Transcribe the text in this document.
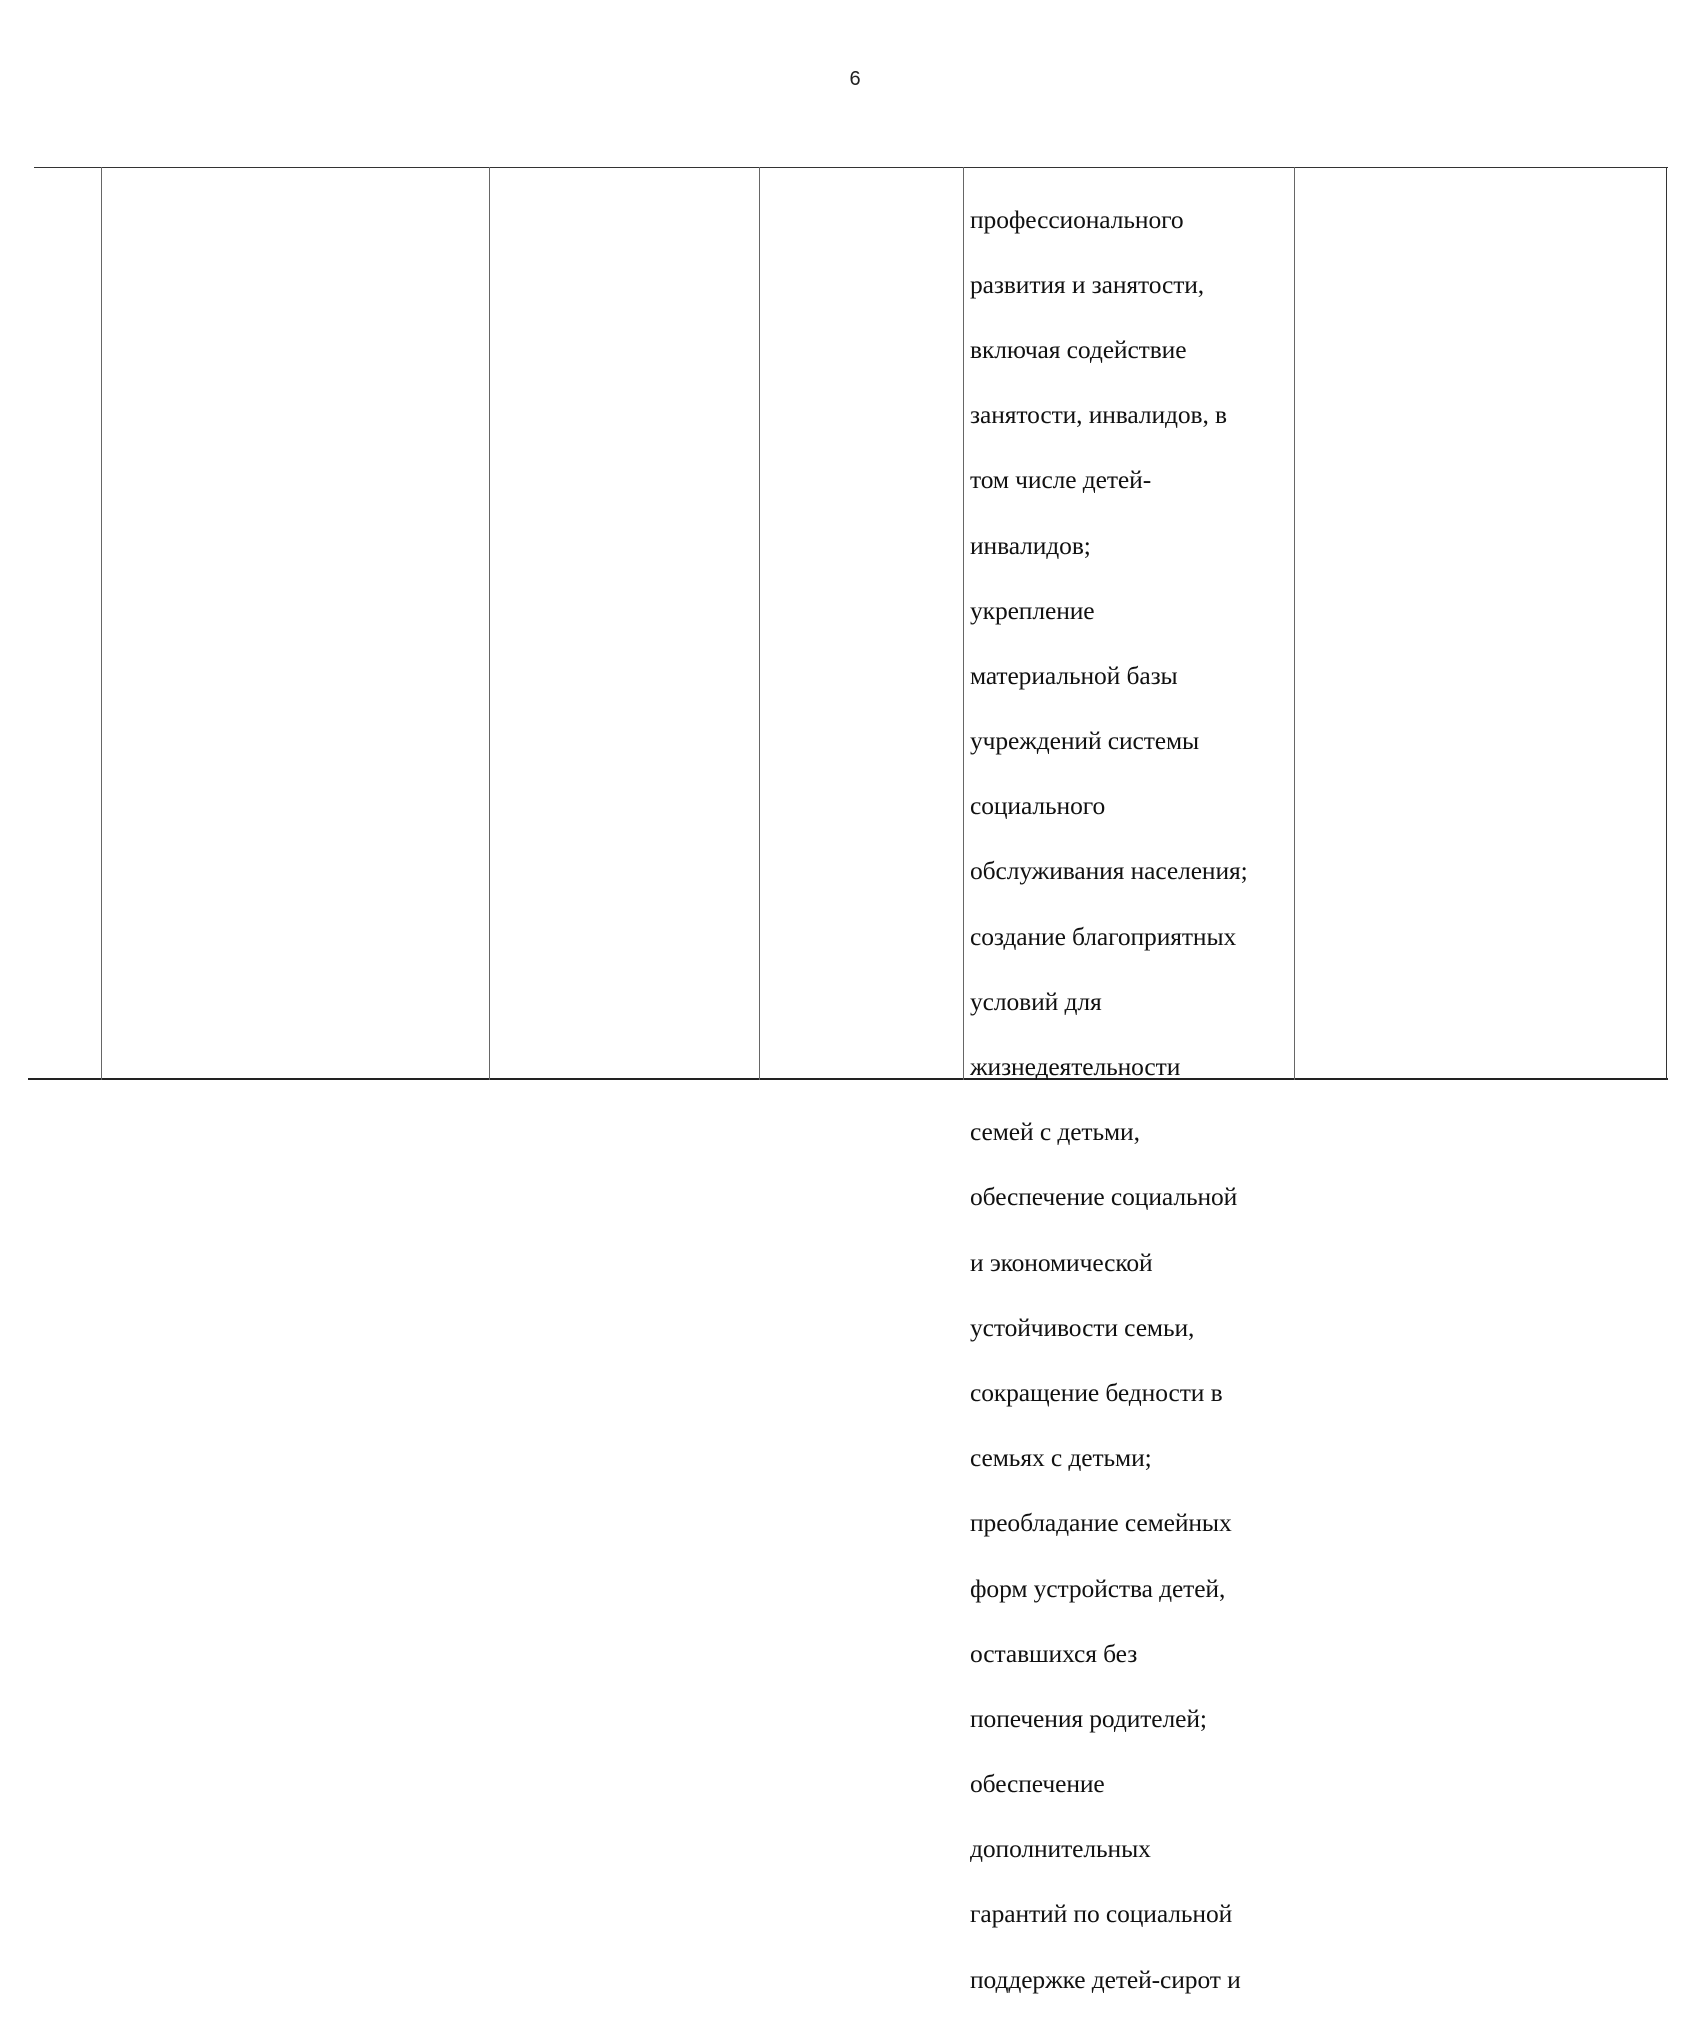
6

профессионального

развития и занятости,

включая содействие

занятости, инвалидов, в

том числе детей-

инвалидов;

укрепление

материальной базы

учреждений системы

социального

обслуживания населения;

создание благоприятных

условий для

жизнедеятельности

семей с детьми,

обеспечение социальной

и экономической

устойчивости семьи,

сокращение бедности в

семьях с детьми;

преобладание семейных

форм устройства детей,

оставшихся без

попечения родителей;

обеспечение

дополнительных

гарантий по социальной

поддержке детей-сирот и
